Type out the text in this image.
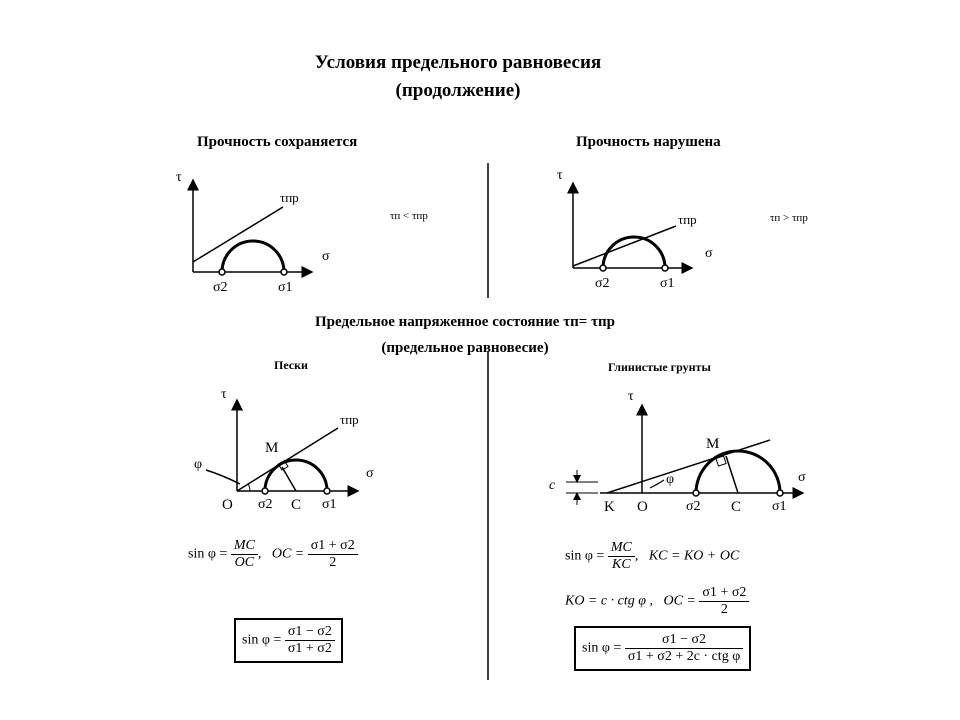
Условия предельного равновесия
(продолжение)
Прочность сохраняется	Прочность нарушена
τп < τпр	τп > τпр
Предельное напряженное состояние τп= τпр
(предельное равновесие)
Пески	Глинистые грунты
τ
τпр
σ
σ2	σ1
τ
τпр
σ
σ2	σ1
τ
τпр
σ
φ
M
O σ2 C σ1
τ
σ
φ
M
c
K O	σ2 C σ1
$\sin \varphi = \frac{MC}{OC}$ ,   OC = $\frac{\sigma 1 + \sigma 2}{2}$
$\sin \varphi = \frac{\sigma 1 - \sigma 2}{\sigma 1 + \sigma 2}$
$\sin \varphi = \frac{MC}{KC}$ ,   KC = KO + OC
KO = c · ctg φ , OC = $\frac{\sigma 1 + \sigma 2}{2}$
$\sin \varphi = \frac{\sigma 1 - \sigma 2}{\text{σ1 + σ2 + 2c · ctg φ}}$
